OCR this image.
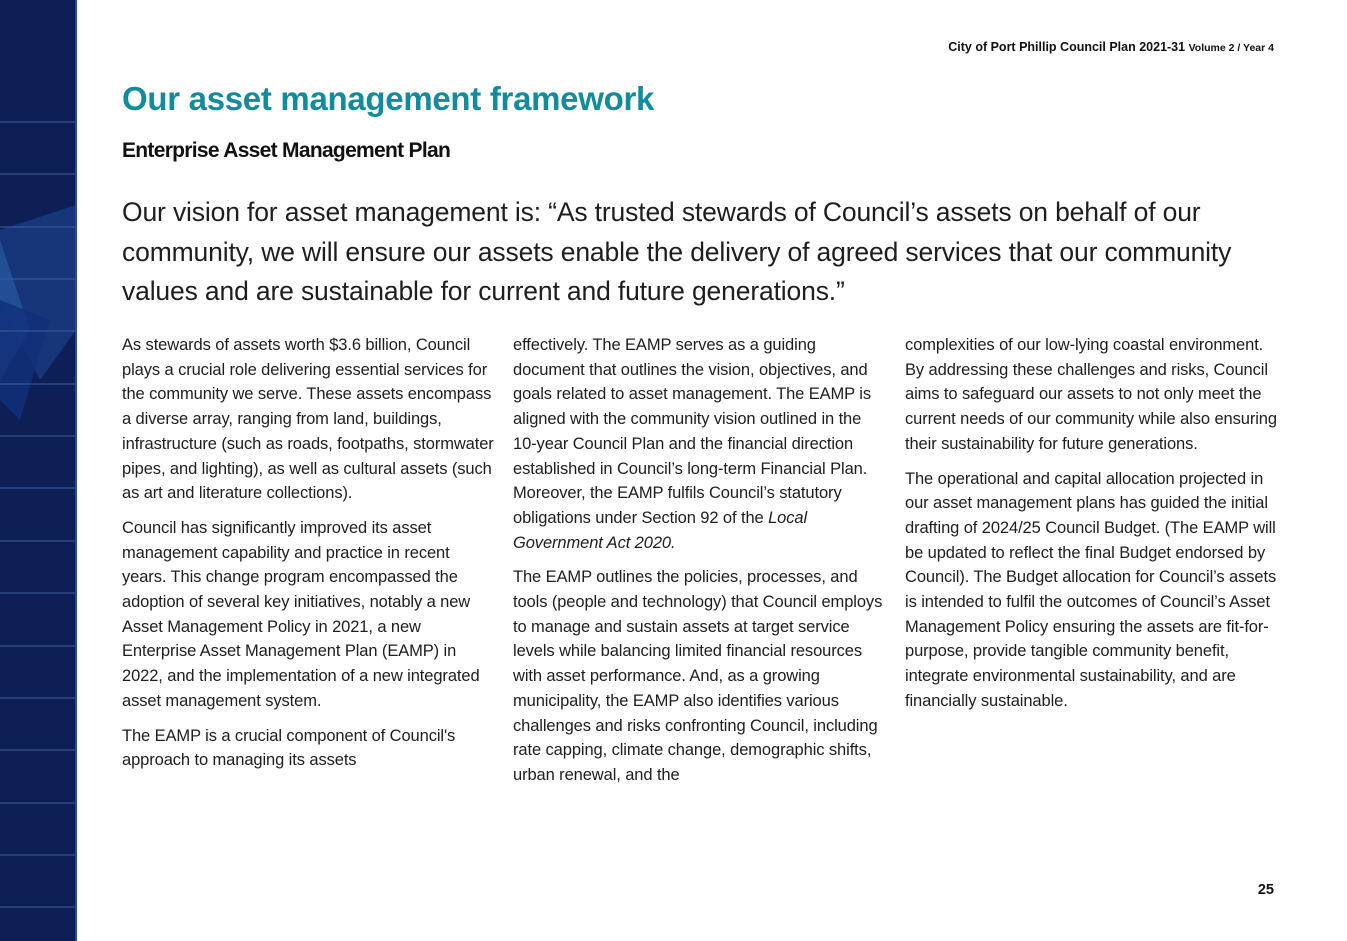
City of Port Phillip Council Plan 2021-31 Volume 2 / Year 4
Our asset management framework
Enterprise Asset Management Plan

Our vision for asset management is: “As trusted stewards of Council’s assets on behalf of our community, we will ensure our assets enable the delivery of agreed services that our community values and are sustainable for current and future generations.”

As stewards of assets worth $3.6 billion, Council plays a crucial role delivering essential services for the community we serve. These assets encompass a diverse array, ranging from land, buildings, infrastructure (such as roads, footpaths, stormwater pipes, and lighting), as well as cultural assets (such as art and literature collections).

Council has significantly improved its asset management capability and practice in recent years. This change program encompassed the adoption of several key initiatives, notably a new Asset Management Policy in 2021, a new Enterprise Asset Management Plan (EAMP) in 2022, and the implementation of a new integrated asset management system.

The EAMP is a crucial component of Council's approach to managing its assets

effectively. The EAMP serves as a guiding document that outlines the vision, objectives, and goals related to asset management. The EAMP is aligned with the community vision outlined in the 10-year Council Plan and the financial direction established in Council’s long-term Financial Plan. Moreover, the EAMP fulfils Council’s statutory obligations under Section 92 of the Local Government Act 2020.

The EAMP outlines the policies, processes, and tools (people and technology) that Council employs to manage and sustain assets at target service levels while balancing limited financial resources with asset performance. And, as a growing municipality, the EAMP also identifies various challenges and risks confronting Council, including rate capping, climate change, demographic shifts, urban renewal, and the

complexities of our low-lying coastal environment. By addressing these challenges and risks, Council aims to safeguard our assets to not only meet the current needs of our community while also ensuring their sustainability for future generations.

The operational and capital allocation projected in our asset management plans has guided the initial drafting of 2024/25 Council Budget. (The EAMP will be updated to reflect the final Budget endorsed by Council). The Budget allocation for Council’s assets is intended to fulfil the outcomes of Council’s Asset Management Policy ensuring the assets are fit-for-purpose, provide tangible community benefit, integrate environmental sustainability, and are financially sustainable.

25
